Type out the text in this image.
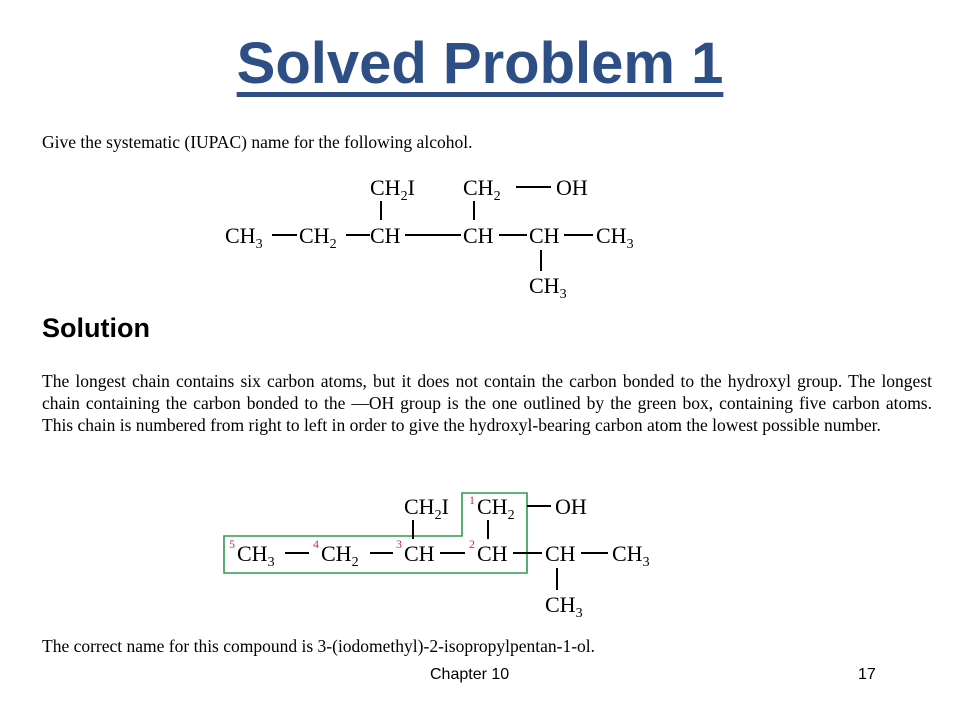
Solved Problem 1

Give the systematic (IUPAC) name for the following alcohol.

$CH_2I$ $CH_2$	OH
$CH_3$ $CH_2$ CH	CH CH $CH_3$
$CH_3$
Solution

The longest chain contains six carbon atoms, but it does not contain the carbon bonded to the hydroxyl group. The longest chain containing the carbon bonded to the —OH group is the one outlined by the green box, containing five carbon atoms. This chain is numbered from right to left in order to give the hydroxyl-bearing carbon atom the lowest possible number.

$CH_2I$ 1 $CH_2$ OH
5 $CH_3$
4 $CH_2$
3 CH	2 CH CH $CH_3$
$CH_3$

The correct name for this compound is 3-(iodomethyl)-2-isopropylpentan-1-ol.

Chapter 10	17
